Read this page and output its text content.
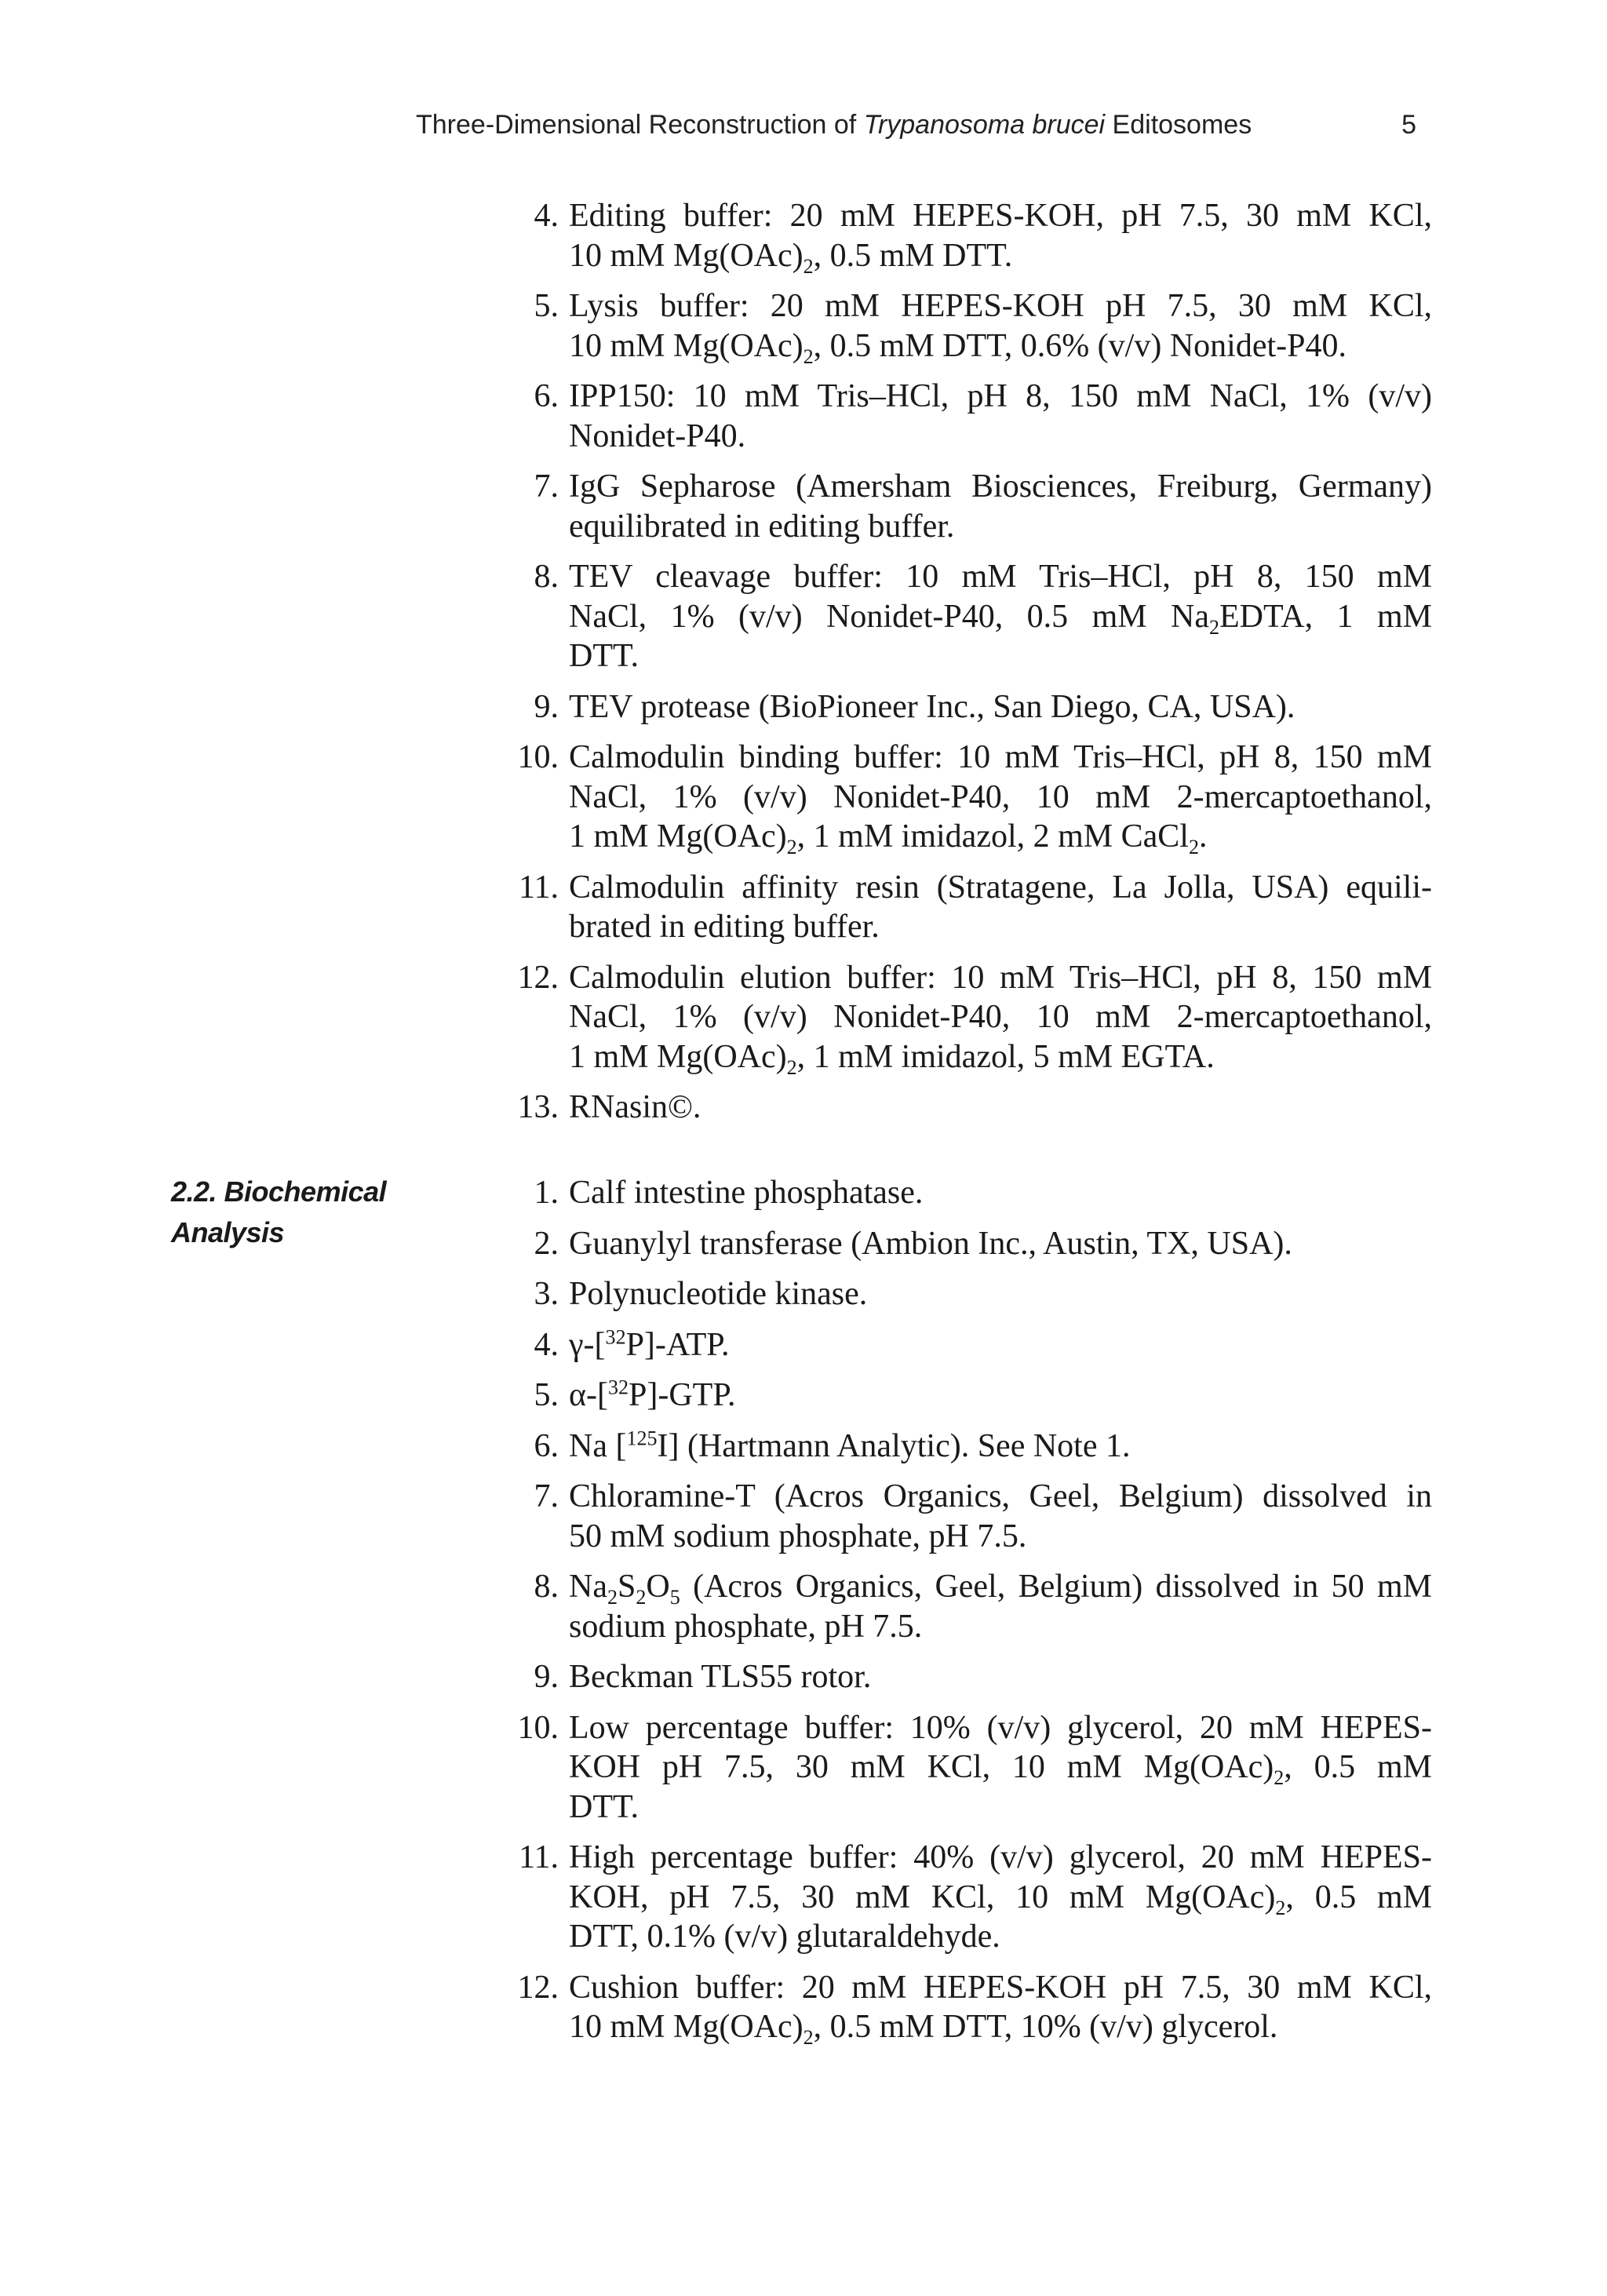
Three-Dimensional Reconstruction of Trypanosoma brucei Editosomes	5
4. Editing buffer: 20 mM HEPES-KOH, pH 7.5, 30 mM KCl,
10 mM $Mg(OAc)_2$, 0.5 mM DTT.
5. Lysis buffer: 20 mM HEPES-KOH pH 7.5, 30 mM KCl,
10 mM $Mg(OAc)_2$, 0.5 mM DTT, 0.6% (v/v) Nonidet-P40.
6. IPP150: 10 mM Tris–HCl, pH 8, 150 mM NaCl, 1% (v/v)
Nonidet-P40.
7. IgG Sepharose (Amersham Biosciences, Freiburg, Germany)
equilibrated in editing buffer.
8. TEV cleavage buffer: 10 mM Tris–HCl, pH 8, 150 mM
NaCl, 1% (v/v) Nonidet-P40, 0.5 mM $Na_2EDTA$, 1 mM
DTT.
9. TEV protease (BioPioneer Inc., San Diego, CA, USA).
10. Calmodulin binding buffer: 10 mM Tris–HCl, pH 8, 150 mM
NaCl, 1% (v/v) Nonidet-P40, 10 mM 2-mercaptoethanol,
1 mM $Mg(OAc)_2$, 1 mM imidazol, 2 mM CaCl$_2$.
11. Calmodulin affinity resin (Stratagene, La Jolla, USA) equili-
brated in editing buffer.
12. Calmodulin elution buffer: 10 mM Tris–HCl, pH 8, 150 mM
NaCl, 1% (v/v) Nonidet-P40, 10 mM 2-mercaptoethanol,
1 mM $Mg(OAc)_2$, 1 mM imidazol, 5 mM EGTA.
13. RNasin©.
2.2. Biochemical
Analysis
1. Calf intestine phosphatase.
2. Guanylyl transferase (Ambion Inc., Austin, TX, USA).
3. Polynucleotide kinase.
4. γ-[$^{32}$P]-ATP.
5. α-[$^{32}$P]-GTP.
6. Na [$^{125}$I] (Hartmann Analytic). See Note 1.
7. Chloramine-T (Acros Organics, Geel, Belgium) dissolved in
50 mM sodium phosphate, pH 7.5.
8. $Na_2S_2O_5$ (Acros Organics, Geel, Belgium) dissolved in 50 mM
sodium phosphate, pH 7.5.
9. Beckman TLS55 rotor.
10. Low percentage buffer: 10% (v/v) glycerol, 20 mM HEPES-
KOH pH 7.5, 30 mM KCl, 10 mM $Mg(OAc)_2$, 0.5 mM
DTT.
11. High percentage buffer: 40% (v/v) glycerol, 20 mM HEPES-
KOH, pH 7.5, 30 mM KCl, 10 mM $Mg(OAc)_2$, 0.5 mM
DTT, 0.1% (v/v) glutaraldehyde.
12. Cushion buffer: 20 mM HEPES-KOH pH 7.5, 30 mM KCl,
10 mM $Mg(OAc)_2$, 0.5 mM DTT, 10% (v/v) glycerol.
